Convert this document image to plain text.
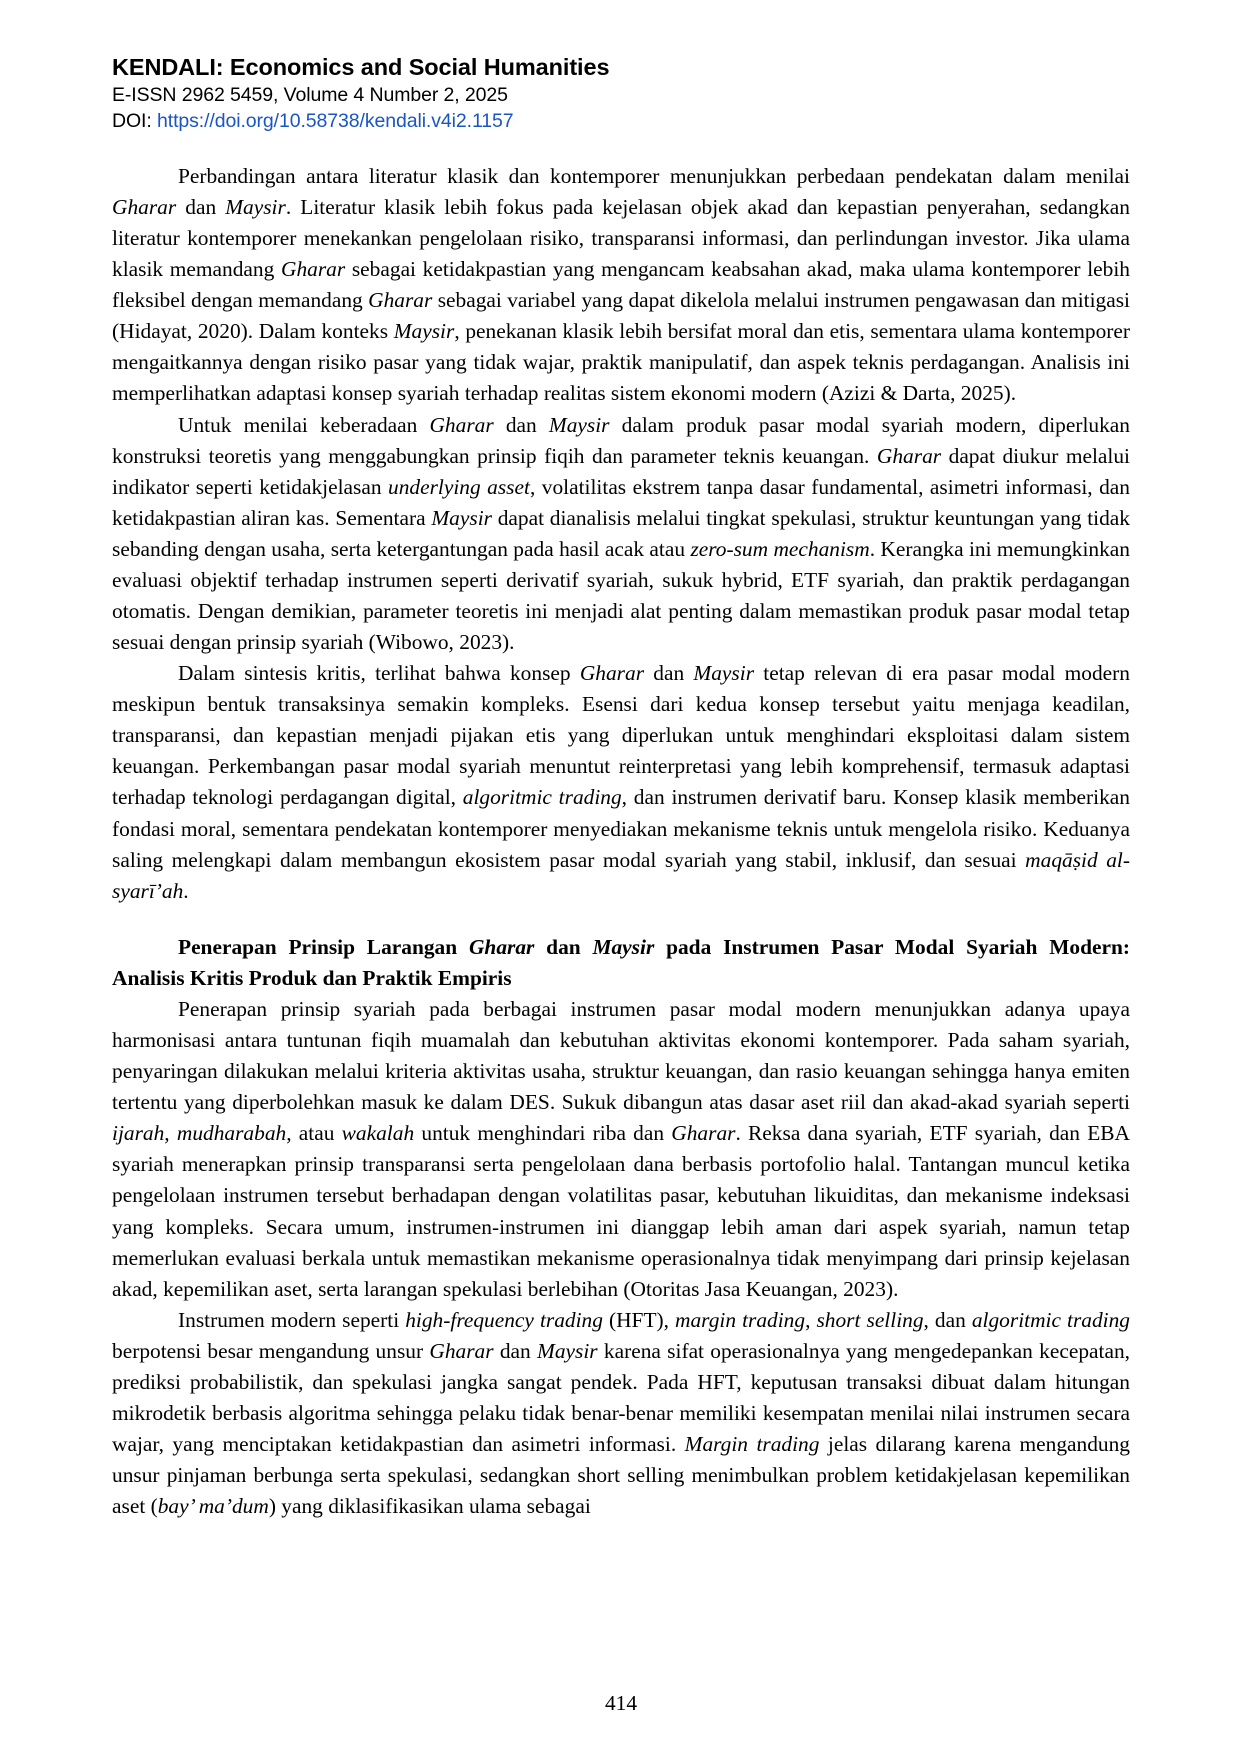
KENDALI: Economics and Social Humanities
E-ISSN 2962 5459, Volume 4 Number 2, 2025
DOI: https://doi.org/10.58738/kendali.v4i2.1157

Perbandingan antara literatur klasik dan kontemporer menunjukkan perbedaan pendekatan dalam menilai Gharar dan Maysir. Literatur klasik lebih fokus pada kejelasan objek akad dan kepastian penyerahan, sedangkan literatur kontemporer menekankan pengelolaan risiko, transparansi informasi, dan perlindungan investor. Jika ulama klasik memandang Gharar sebagai ketidakpastian yang mengancam keabsahan akad, maka ulama kontemporer lebih fleksibel dengan memandang Gharar sebagai variabel yang dapat dikelola melalui instrumen pengawasan dan mitigasi (Hidayat, 2020). Dalam konteks Maysir, penekanan klasik lebih bersifat moral dan etis, sementara ulama kontemporer mengaitkannya dengan risiko pasar yang tidak wajar, praktik manipulatif, dan aspek teknis perdagangan. Analisis ini memperlihatkan adaptasi konsep syariah terhadap realitas sistem ekonomi modern (Azizi & Darta, 2025).

Untuk menilai keberadaan Gharar dan Maysir dalam produk pasar modal syariah modern, diperlukan konstruksi teoretis yang menggabungkan prinsip fiqih dan parameter teknis keuangan. Gharar dapat diukur melalui indikator seperti ketidakjelasan underlying asset, volatilitas ekstrem tanpa dasar fundamental, asimetri informasi, dan ketidakpastian aliran kas. Sementara Maysir dapat dianalisis melalui tingkat spekulasi, struktur keuntungan yang tidak sebanding dengan usaha, serta ketergantungan pada hasil acak atau zero-sum mechanism. Kerangka ini memungkinkan evaluasi objektif terhadap instrumen seperti derivatif syariah, sukuk hybrid, ETF syariah, dan praktik perdagangan otomatis. Dengan demikian, parameter teoretis ini menjadi alat penting dalam memastikan produk pasar modal tetap sesuai dengan prinsip syariah (Wibowo, 2023).

Dalam sintesis kritis, terlihat bahwa konsep Gharar dan Maysir tetap relevan di era pasar modal modern meskipun bentuk transaksinya semakin kompleks. Esensi dari kedua konsep tersebut yaitu menjaga keadilan, transparansi, dan kepastian menjadi pijakan etis yang diperlukan untuk menghindari eksploitasi dalam sistem keuangan. Perkembangan pasar modal syariah menuntut reinterpretasi yang lebih komprehensif, termasuk adaptasi terhadap teknologi perdagangan digital, algoritmic trading, dan instrumen derivatif baru. Konsep klasik memberikan fondasi moral, sementara pendekatan kontemporer menyediakan mekanisme teknis untuk mengelola risiko. Keduanya saling melengkapi dalam membangun ekosistem pasar modal syariah yang stabil, inklusif, dan sesuai maqāṣid al-syarī’ah.

Penerapan Prinsip Larangan Gharar dan Maysir pada Instrumen Pasar Modal Syariah Modern: Analisis Kritis Produk dan Praktik Empiris

Penerapan prinsip syariah pada berbagai instrumen pasar modal modern menunjukkan adanya upaya harmonisasi antara tuntunan fiqih muamalah dan kebutuhan aktivitas ekonomi kontemporer. Pada saham syariah, penyaringan dilakukan melalui kriteria aktivitas usaha, struktur keuangan, dan rasio keuangan sehingga hanya emiten tertentu yang diperbolehkan masuk ke dalam DES. Sukuk dibangun atas dasar aset riil dan akad-akad syariah seperti ijarah, mudharabah, atau wakalah untuk menghindari riba dan Gharar. Reksa dana syariah, ETF syariah, dan EBA syariah menerapkan prinsip transparansi serta pengelolaan dana berbasis portofolio halal. Tantangan muncul ketika pengelolaan instrumen tersebut berhadapan dengan volatilitas pasar, kebutuhan likuiditas, dan mekanisme indeksasi yang kompleks. Secara umum, instrumen-instrumen ini dianggap lebih aman dari aspek syariah, namun tetap memerlukan evaluasi berkala untuk memastikan mekanisme operasionalnya tidak menyimpang dari prinsip kejelasan akad, kepemilikan aset, serta larangan spekulasi berlebihan (Otoritas Jasa Keuangan, 2023).

Instrumen modern seperti high-frequency trading (HFT), margin trading, short selling, dan algoritmic trading berpotensi besar mengandung unsur Gharar dan Maysir karena sifat operasionalnya yang mengedepankan kecepatan, prediksi probabilistik, dan spekulasi jangka sangat pendek. Pada HFT, keputusan transaksi dibuat dalam hitungan mikrodetik berbasis algoritma sehingga pelaku tidak benar-benar memiliki kesempatan menilai nilai instrumen secara wajar, yang menciptakan ketidakpastian dan asimetri informasi. Margin trading jelas dilarang karena mengandung unsur pinjaman berbunga serta spekulasi, sedangkan short selling menimbulkan problem ketidakjelasan kepemilikan aset (bay’ ma’dum) yang diklasifikasikan ulama sebagai

414
